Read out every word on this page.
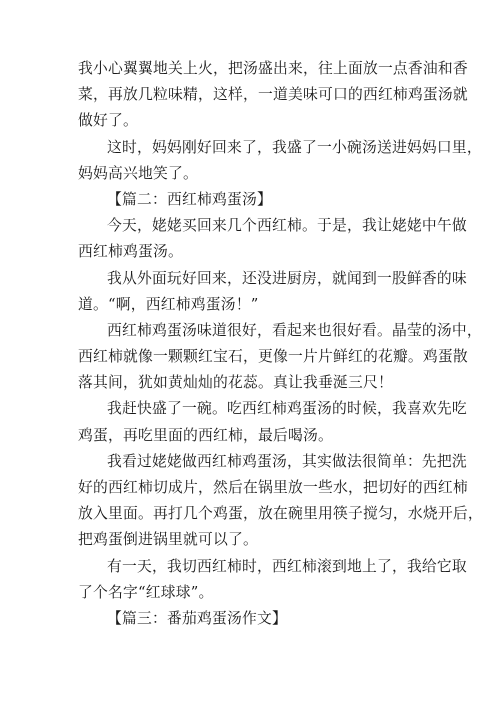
我小心翼翼地关上火，把汤盛出来，往上面放一点香油和香
菜，再放几粒味精，这样，一道美味可口的西红柿鸡蛋汤就
做好了。
这时，妈妈刚好回来了，我盛了一小碗汤送进妈妈口里，
妈妈高兴地笑了。
【篇二：西红柿鸡蛋汤】
今天，姥姥买回来几个西红柿。于是，我让姥姥中午做
西红柿鸡蛋汤。
我从外面玩好回来，还没进厨房，就闻到一股鲜香的味
道。“啊，西红柿鸡蛋汤！”
西红柿鸡蛋汤味道很好，看起来也很好看。晶莹的汤中，
西红柿就像一颗颗红宝石，更像一片片鲜红的花瓣。鸡蛋散
落其间，犹如黄灿灿的花蕊。真让我垂涎三尺！
我赶快盛了一碗。吃西红柿鸡蛋汤的时候，我喜欢先吃
鸡蛋，再吃里面的西红柿，最后喝汤。
我看过姥姥做西红柿鸡蛋汤，其实做法很简单：先把洗
好的西红柿切成片，然后在锅里放一些水，把切好的西红柿
放入里面。再打几个鸡蛋，放在碗里用筷子搅匀，水烧开后，
把鸡蛋倒进锅里就可以了。
有一天，我切西红柿时，西红柿滚到地上了，我给它取
了个名字“红球球”。
【篇三：番茄鸡蛋汤作文】
